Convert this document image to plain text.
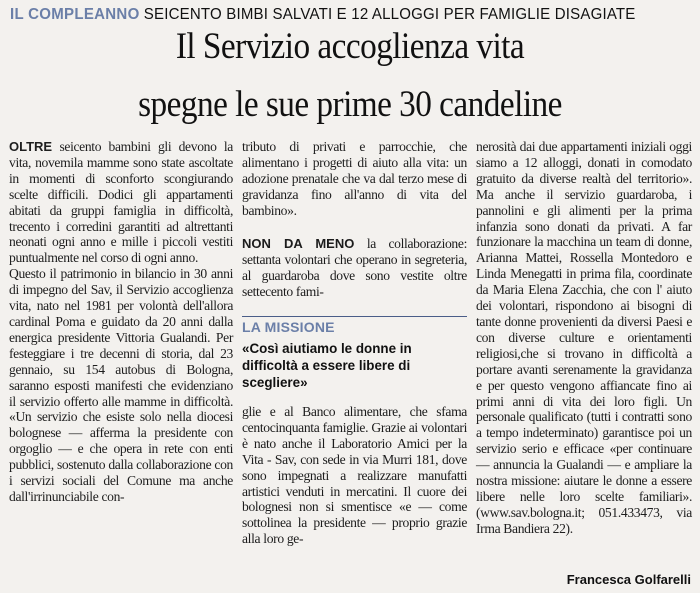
IL COMPLEANNO SEICENTO BIMBI SALVATI E 12 ALLOGGI PER FAMIGLIE DISAGIATE
Il Servizio accoglienza vita
spegne le sue prime 30 candeline

OLTRE seicento bambini gli devono la vita, novemila mamme sono state ascoltate in momenti di sconforto scongiurando scelte difficili. Dodici gli appartamenti abitati da gruppi famiglia in difficoltà, trecento i corredini garantiti ad altrettanti neonati ogni anno e mille i piccoli vestiti puntualmente nel corso di ogni anno.

Questo il patrimonio in bilancio in 30 anni di impegno del Sav, il Servizio accoglienza vita, nato nel 1981 per volontà dell'allora cardinal Poma e guidato da 20 anni dalla energica presidente Vittoria Gualandi. Per festeggiare i tre decenni di storia, dal 23 gennaio, su 154 autobus di Bologna, saranno esposti manifesti che evidenziano il servizio offerto alle mamme in difficoltà. «Un servizio che esiste solo nella diocesi bolognese — afferma la presidente con orgoglio — e che opera in rete con enti pubblici, sostenuto dalla collaborazione con i servizi sociali del Comune ma anche dall'irrinunciabile con-

tributo di privati e parrocchie, che alimentano i progetti di aiuto alla vita: un adozione prenatale che va dal terzo mese di gravidanza fino all'anno di vita del bambino».

NON DA MENO la collaborazione: settanta volontari che operano in segreteria, al guardaroba dove sono vestite oltre settecento fami-

LA MISSIONE
«Così aiutiamo le donne in difficoltà a essere libere di scegliere»

glie e al Banco alimentare, che sfama centocinquanta famiglie. Grazie ai volontari è nato anche il Laboratorio Amici per la Vita - Sav, con sede in via Murri 181, dove sono impegnati a realizzare manufatti artistici venduti in mercatini. Il cuore dei bolognesi non si smentisce «e — come sottolinea la presidente — proprio grazie alla loro ge-

nerosità dai due appartamenti iniziali oggi siamo a 12 alloggi, donati in comodato gratuito da diverse realtà del territorio». Ma anche il servizio guardaroba, i pannolini e gli alimenti per la prima infanzia sono donati da privati. A far funzionare la macchina un team di donne, Arianna Mattei, Rossella Montedoro e Linda Menegatti in prima fila, coordinate da Maria Elena Zacchia, che con l' aiuto dei volontari, rispondono ai bisogni di tante donne provenienti da diversi Paesi e con diverse culture e orientamenti religiosi,che si trovano in difficoltà a portare avanti serenamente la gravidanza e per questo vengono affiancate fino ai primi anni di vita dei loro figli. Un personale qualificato (tutti i contratti sono a tempo indeterminato) garantisce poi un servizio serio e efficace «per continuare — annuncia la Gualandi — e ampliare la nostra missione: aiutare le donne a essere libere nelle loro scelte familiari». (www.sav.bologna.it; 051.433473, via Irma Bandiera 22).

Francesca Golfarelli
